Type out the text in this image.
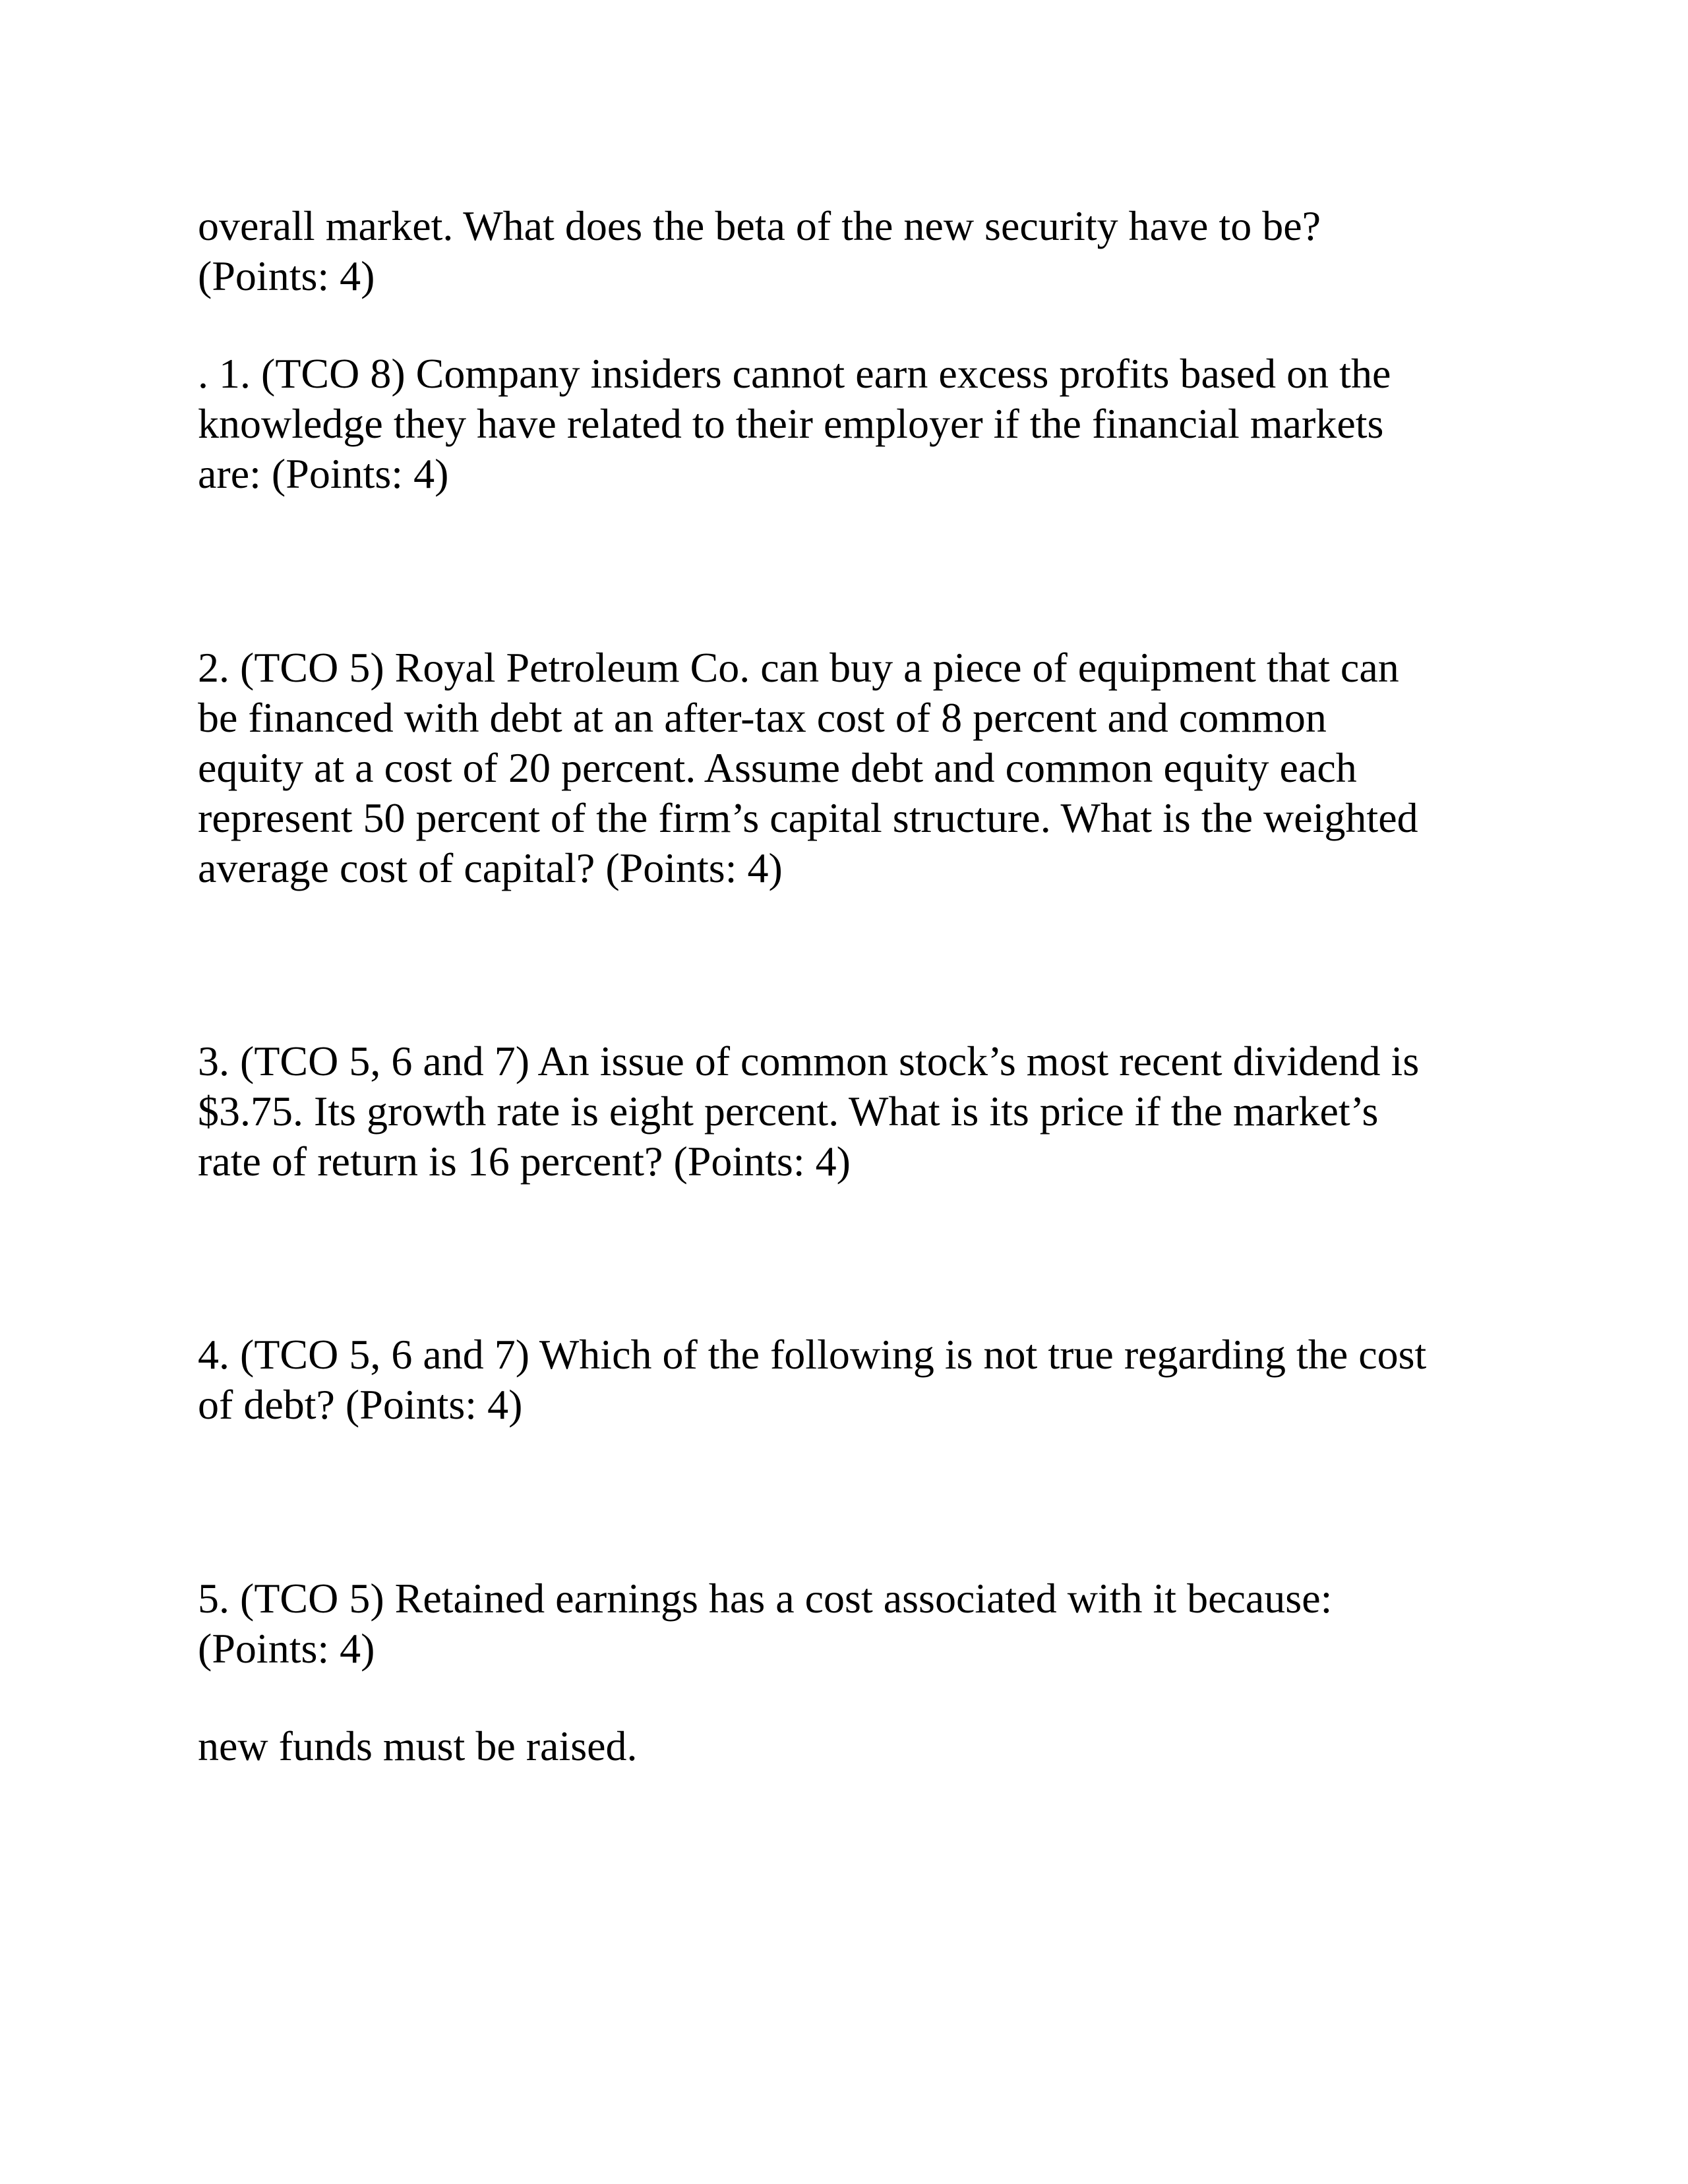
overall market. What does the beta of the new security have to be?
(Points: 4)
. 1. (TCO 8) Company insiders cannot earn excess profits based on the
knowledge they have related to their employer if the financial markets
are: (Points: 4)
2. (TCO 5) Royal Petroleum Co. can buy a piece of equipment that can
be financed with debt at an after-tax cost of 8 percent and common
equity at a cost of 20 percent. Assume debt and common equity each
represent 50 percent of the firm’s capital structure. What is the weighted
average cost of capital? (Points: 4)
3. (TCO 5, 6 and 7) An issue of common stock’s most recent dividend is
$3.75. Its growth rate is eight percent. What is its price if the market’s
rate of return is 16 percent? (Points: 4)
4. (TCO 5, 6 and 7) Which of the following is not true regarding the cost
of debt? (Points: 4)
5. (TCO 5) Retained earnings has a cost associated with it because:
(Points: 4)
new funds must be raised.
